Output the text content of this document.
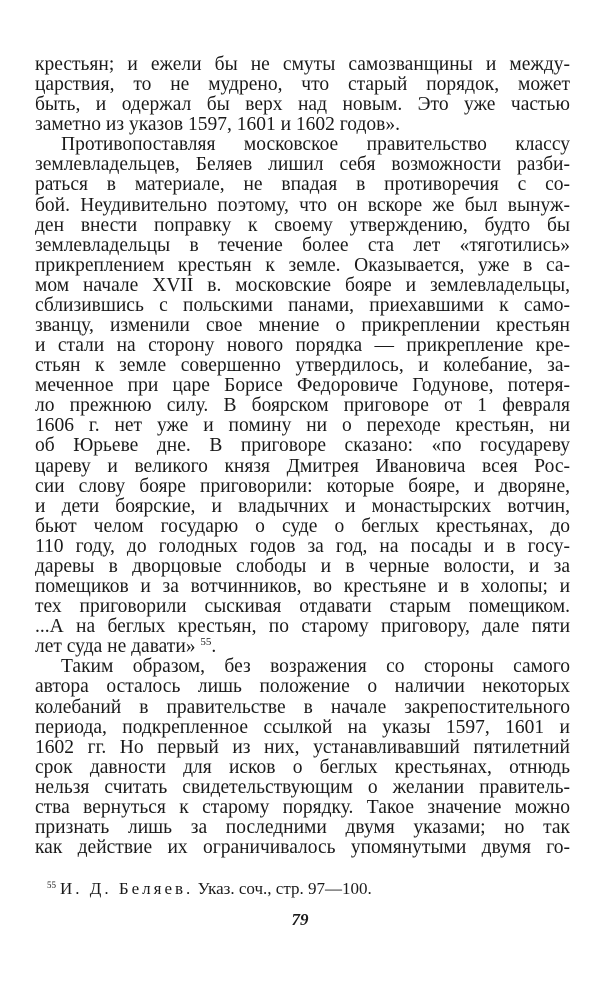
крестьян; и ежели бы не смуты самозванщины и между-
царствия, то не мудрено, что старый порядок, может
быть, и одержал бы верх над новым. Это уже частью
заметно из указов 1597, 1601 и 1602 годов».
Противопоставляя московское правительство классу
землевладельцев, Беляев лишил себя возможности разби-
раться в материале, не впадая в противоречия с со-
бой. Неудивительно поэтому, что он вскоре же был вынуж-
ден внести поправку к своему утверждению, будто бы
землевладельцы в течение более ста лет «тяготились»
прикреплением крестьян к земле. Оказывается, уже в са-
мом начале XVII в. московские бояре и землевладельцы,
сблизившись с польскими панами, приехавшими к само-
званцу, изменили свое мнение о прикреплении крестьян
и стали на сторону нового порядка — прикрепление кре-
стьян к земле совершенно утвердилось, и колебание, за-
меченное при царе Борисе Федоровиче Годунове, потеря-
ло прежнюю силу. В боярском приговоре от 1 февраля
1606 г. нет уже и помину ни о переходе крестьян, ни
об Юрьеве дне. В приговоре сказано: «по государеву
цареву и великого князя Дмитрея Ивановича всея Рос-
сии слову бояре приговорили: которые бояре, и дворяне,
и дети боярские, и владычних и монастырских вотчин,
бьют челом государю о суде о беглых крестьянах, до
110 году, до голодных годов за год, на посады и в госу-
даревы в дворцовые слободы и в черные волости, и за
помещиков и за вотчинников, во крестьяне и в холопы; и
тех приговорили сыскивая отдавати старым помещиком.
...А на беглых крестьян, по старому приговору, дале пяти
лет суда не давати» $^{55}$.
Таким образом, без возражения со стороны самого
автора осталось лишь положение о наличии некоторых
колебаний в правительстве в начале закрепостительного
периода, подкрепленное ссылкой на указы 1597, 1601 и
1602 гг. Но первый из них, устанавливавший пятилетний
срок давности для исков о беглых крестьянах, отнюдь
нельзя считать свидетельствующим о желании правитель-
ства вернуться к старому порядку. Такое значение можно
признать лишь за последними двумя указами; но так
как действие их ограничивалось упомянутыми двумя го-
$^{55}$ И. Д. Беляев. Указ. соч., стр. 97—100.
79
